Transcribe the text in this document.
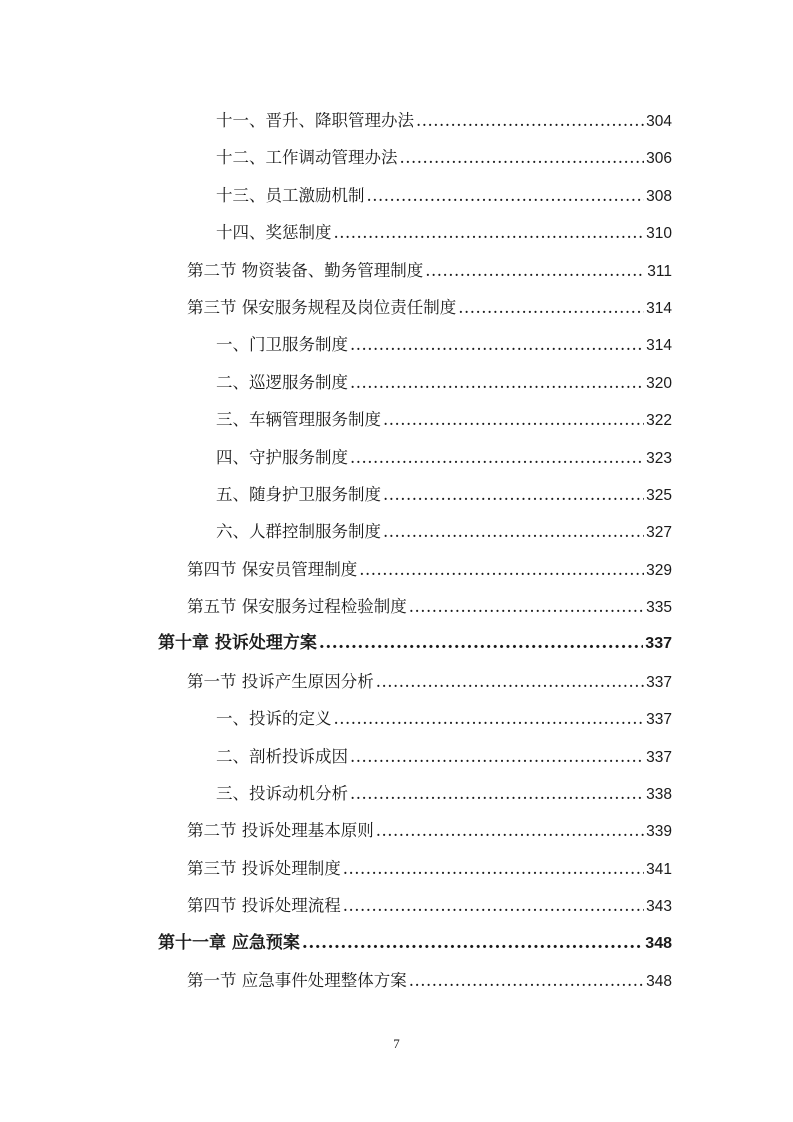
十一、晋升、降职管理办法 .....	304
十二、工作调动管理办法 .....	306
十三、员工激励机制 .....	308
十四、奖惩制度 .....	310
第二节 物资装备、勤务管理制度 .....	311
第三节 保安服务规程及岗位责任制度 .....	314
一、门卫服务制度 .....	314
二、巡逻服务制度 .....	320
三、车辆管理服务制度 .....	322
四、守护服务制度 .....	323
五、随身护卫服务制度 .....	325
六、人群控制服务制度 .....	327
第四节 保安员管理制度 .....	329
第五节 保安服务过程检验制度 .....	335
第十章 投诉处理方案 .....	337
第一节 投诉产生原因分析 .....	337
一、投诉的定义 .....	337
二、剖析投诉成因 .....	337
三、投诉动机分析 .....	338
第二节 投诉处理基本原则 .....	339
第三节 投诉处理制度 .....	341
第四节 投诉处理流程 .....	343
第十一章 应急预案 .....	348
第一节 应急事件处理整体方案 .....	348
7
